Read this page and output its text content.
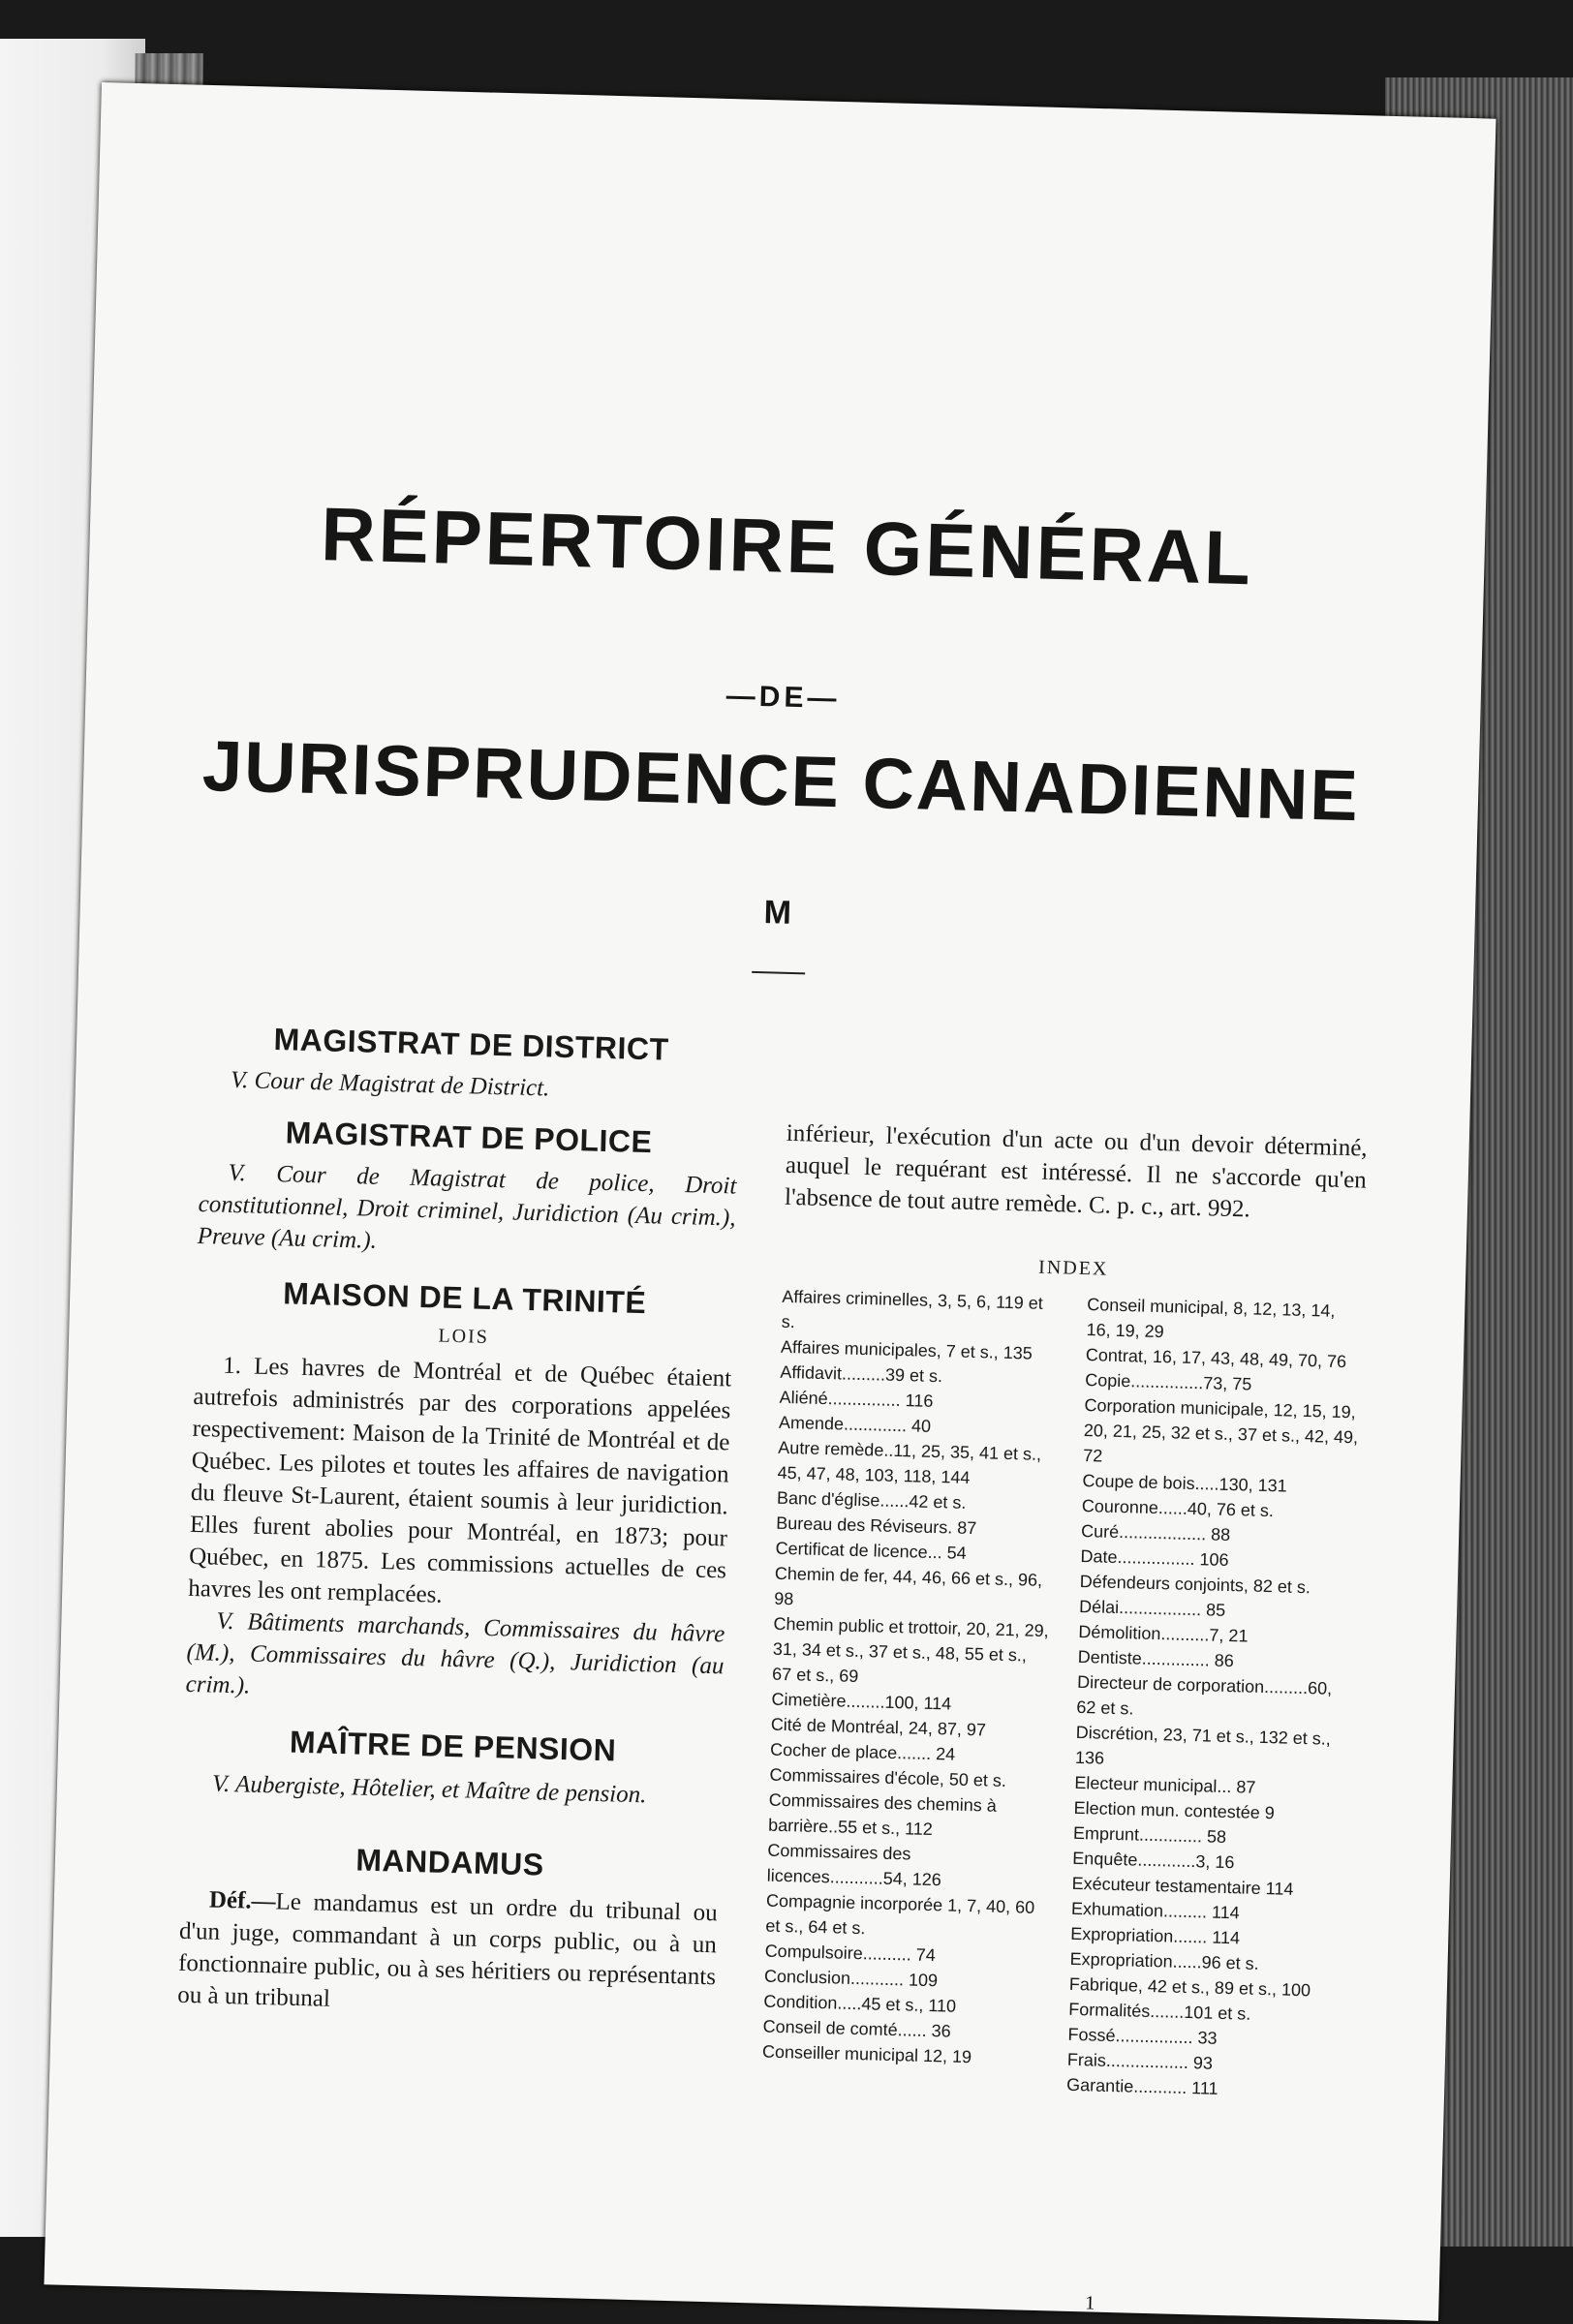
RÉPERTOIRE GÉNÉRAL
—DE—
JURISPRUDENCE CANADIENNE
M

MAGISTRAT DE DISTRICT

V. Cour de Magistrat de District.

MAGISTRAT DE POLICE

V. Cour de Magistrat de police, Droit constitutionnel, Droit criminel, Juridiction (Au crim.), Preuve (Au crim.).

MAISON DE LA TRINITÉ

LOIS

1. Les havres de Montréal et de Québec étaient autrefois administrés par des corporations appelées respectivement: Maison de la Trinité de Montréal et de Québec. Les pilotes et toutes les affaires de navigation du fleuve St-Laurent, étaient soumis à leur juridiction. Elles furent abolies pour Montréal, en 1873; pour Québec, en 1875. Les commissions actuelles de ces havres les ont remplacées.

V. Bâtiments marchands, Commissaires du hâvre (M.), Commissaires du hâvre (Q.), Juridiction (au crim.).

MAÎTRE DE PENSION

V. Aubergiste, Hôtelier, et Maître de pension.

MANDAMUS

Déf.—Le mandamus est un ordre du tribunal ou d'un juge, commandant à un corps public, ou à un fonctionnaire public, ou à ses héritiers ou représentants ou à un tribunal

inférieur, l'exécution d'un acte ou d'un devoir déterminé, auquel le requérant est intéressé. Il ne s'accorde qu'en l'absence de tout autre remède. C. p. c., art. 992.

INDEX

Affaires criminelles, 3, 5, 6, 119 et s.
Affaires municipales, 7 et s., 135
Affidavit.........39 et s.
Aliéné............... 116
Amende............. 40
Autre remède..11, 25, 35, 41 et s., 45, 47, 48, 103, 118, 144
Banc d'église......42 et s.
Bureau des Réviseurs. 87
Certificat de licence... 54
Chemin de fer, 44, 46, 66 et s., 96, 98
Chemin public et trottoir, 20, 21, 29, 31, 34 et s., 37 et s., 48, 55 et s., 67 et s., 69
Cimetière........100, 114
Cité de Montréal, 24, 87, 97
Cocher de place....... 24
Commissaires d'école, 50 et s.
Commissaires des chemins à barrière..55 et s., 112
Commissaires des licences...........54, 126
Compagnie incorporée 1, 7, 40, 60 et s., 64 et s.
Compulsoire.......... 74
Conclusion........... 109
Condition.....45 et s., 110
Conseil de comté...... 36
Conseiller municipal 12, 19
Conseil municipal, 8, 12, 13, 14, 16, 19, 29
Contrat, 16, 17, 43, 48, 49, 70, 76
Copie...............73, 75
Corporation municipale, 12, 15, 19, 20, 21, 25, 32 et s., 37 et s., 42, 49, 72
Coupe de bois.....130, 131
Couronne......40, 76 et s.
Curé.................. 88
Date................ 106
Défendeurs conjoints, 82 et s.
Délai................. 85
Démolition..........7, 21
Dentiste.............. 86
Directeur de corporation.........60, 62 et s.
Discrétion, 23, 71 et s., 132 et s., 136
Electeur municipal... 87
Election mun. contestée 9
Emprunt............. 58
Enquête............3, 16
Exécuteur testamentaire 114
Exhumation......... 114
Expropriation....... 114
Expropriation......96 et s.
Fabrique, 42 et s., 89 et s., 100
Formalités.......101 et s.
Fossé................ 33
Frais................. 93
Garantie........... 111
1
